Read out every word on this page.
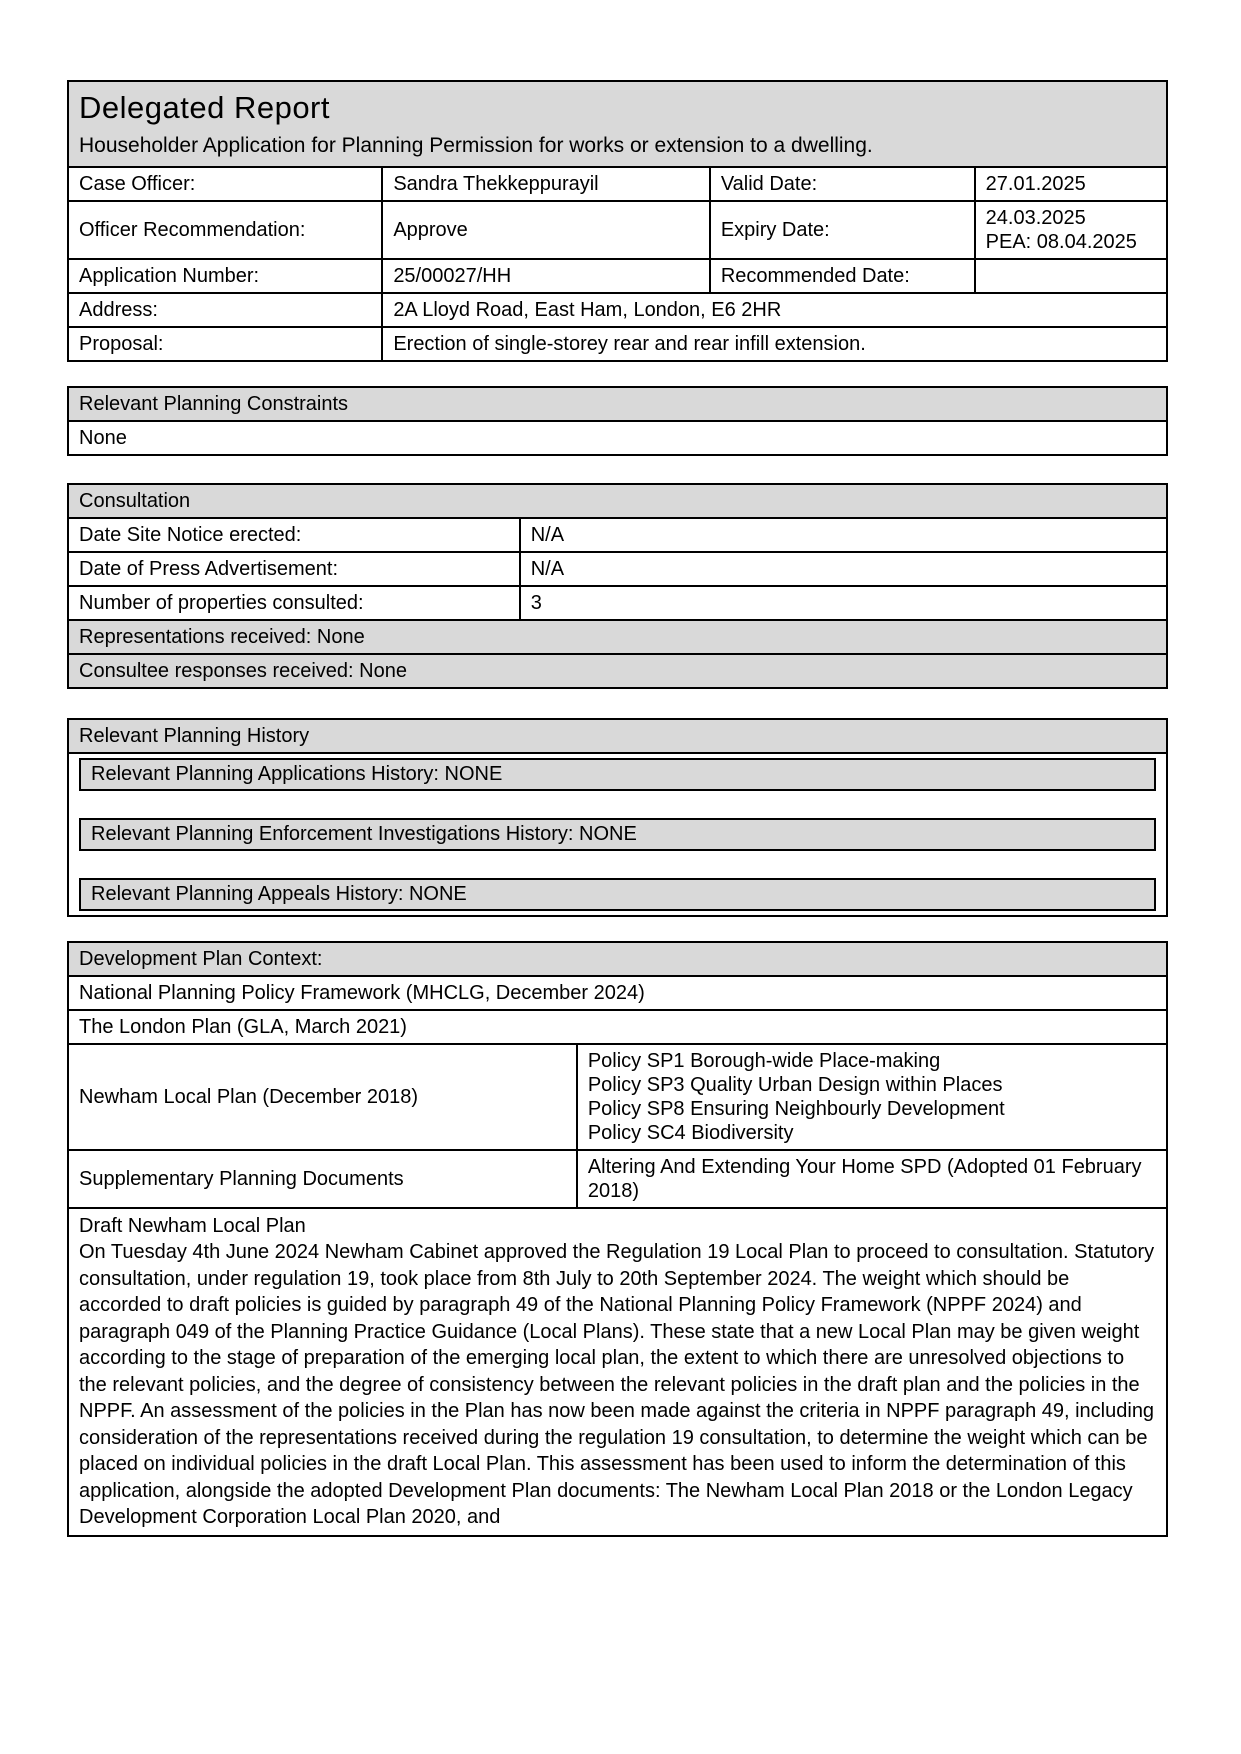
Delegated Report
Householder Application for Planning Permission for works or extension to a dwelling.			

Case Officer:	Sandra Thekkeppurayil	Valid Date:	27.01.2025
Officer Recommendation:	Approve	Expiry Date:	24.03.2025
PEA: 08.04.2025

Application Number:	25/00027/HH	Recommended Date:	
Address:	2A Lloyd Road, East Ham, London, E6 2HR		
Proposal:	Erection of single-storey rear and rear infill extension.		
Relevant Planning Constraints
None
Consultation	
Date Site Notice erected:	N/A
Date of Press Advertisement:	N/A
Number of properties consulted:	3
Representations received: None	
Consultee responses received: None	
Relevant Planning History

Relevant Planning Applications History: NONE
Relevant Planning Enforcement Investigations History: NONE
Relevant Planning Appeals History: NONE
Development Plan Context:	
National Planning Policy Framework (MHCLG, December 2024)	
The London Plan (GLA, March 2021)	
Newham Local Plan (December 2018)	Policy SP1 Borough-wide Place-making
Policy SP3 Quality Urban Design within Places
Policy SP8 Ensuring Neighbourly Development
Policy SC4 Biodiversity

Supplementary Planning Documents	Altering And Extending Your Home SPD (Adopted 01 February 2018)

Draft Newham Local Plan
On Tuesday 4th June 2024 Newham Cabinet approved the Regulation 19 Local Plan to proceed to consultation. Statutory consultation, under regulation 19, took place from 8th July to 20th September 2024. The weight which should be accorded to draft policies is guided by paragraph 49 of the National Planning Policy Framework (NPPF 2024) and paragraph 049 of the Planning Practice Guidance (Local Plans). These state that a new Local Plan may be given weight according to the stage of preparation of the emerging local plan, the extent to which there are unresolved objections to the relevant policies, and the degree of consistency between the relevant policies in the draft plan and the policies in the NPPF. An assessment of the policies in the Plan has now been made against the criteria in NPPF paragraph 49, including consideration of the representations received during the regulation 19 consultation, to determine the weight which can be placed on individual policies in the draft Local Plan. This assessment has been used to inform the determination of this application, alongside the adopted Development Plan documents: The Newham Local Plan 2018 or the London Legacy Development Corporation Local Plan 2020, and	
